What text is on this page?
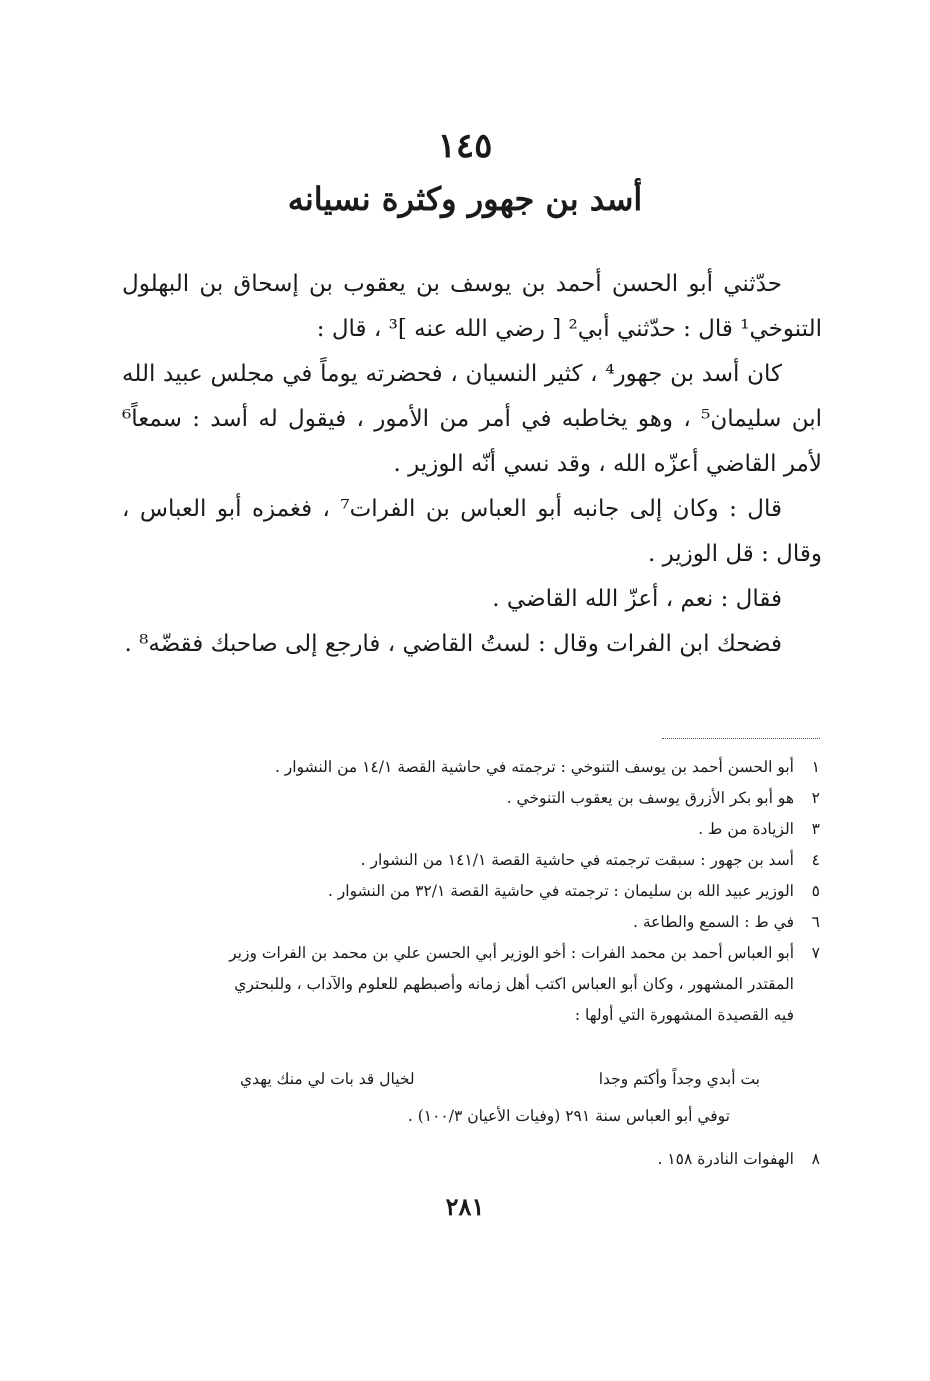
١٤٥
أسد بن جهور وكثرة نسيانه

حدّثني أبو الحسن أحمد بن يوسف بن يعقوب بن إسحاق بن البهلول التنوخي¹ قال : حدّثني أبي² [ رضي الله عنه ]³ ، قال :

كان أسد بن جهور⁴ ، كثير النسيان ، فحضرته يوماً في مجلس عبيد الله ابن سليمان⁵ ، وهو يخاطبه في أمر من الأمور ، فيقول له أسد : سمعاً⁶ لأمر القاضي أعزّه الله ، وقد نسي أنّه الوزير .

قال : وكان إلى جانبه أبو العباس بن الفرات⁷ ، فغمزه أبو العباس ، وقال : قل الوزير .

فقال : نعم ، أعزّ الله القاضي .

فضحك ابن الفرات وقال : لستُ القاضي ، فارجع إلى صاحبك فقضّه⁸ .

١
أبو الحسن أحمد بن يوسف التنوخي : ترجمته في حاشية القصة ١٤/١ من النشوار .

٢
هو أبو بكر الأزرق يوسف بن يعقوب التنوخي .

٣
الزيادة من ط .

٤
أسد بن جهور : سبقت ترجمته في حاشية القصة ١٤١/١ من النشوار .

٥
الوزير عبيد الله بن سليمان : ترجمته في حاشية القصة ٣٢/١ من النشوار .

٦
في ط : السمع والطاعة .

٧
أبو العباس أحمد بن محمد الفرات : أخو الوزير أبي الحسن علي بن محمد بن الفرات وزير
المقتدر المشهور ، وكان أبو العباس اكتب أهل زمانه وأصبطهم للعلوم والآداب ، وللبحتري
فيه القصيدة المشهورة التي أولها :

بت أبدي وجداً وأكتم وجدا
لخيال قد بات لي منك يهدي
توفي أبو العباس سنة ٢٩١ (وفيات الأعيان ١٠٠/٣) .
٨
الهفوات النادرة ١٥٨ .
٢٨١
